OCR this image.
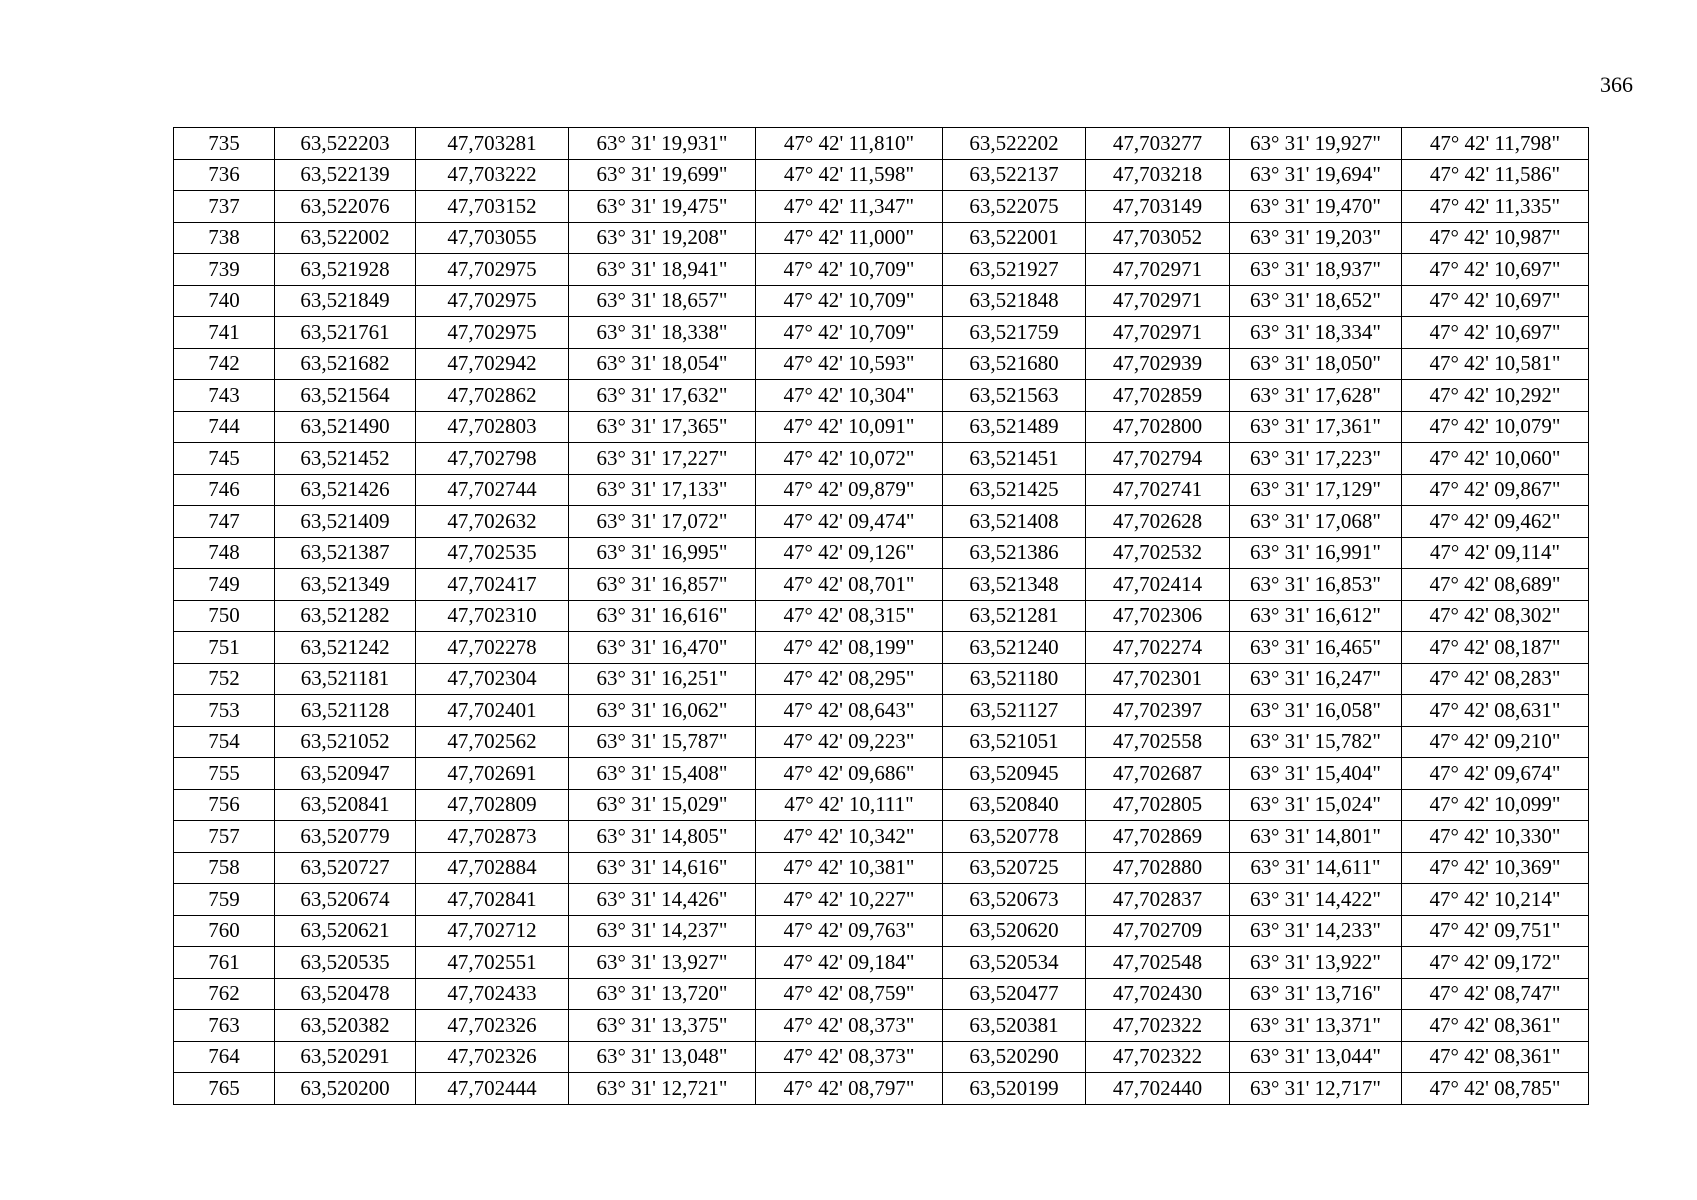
366
735	63,522203	47,703281	63° 31' 19,931"	47° 42' 11,810"	63,522202	47,703277	63° 31' 19,927"	47° 42' 11,798"
736	63,522139	47,703222	63° 31' 19,699"	47° 42' 11,598"	63,522137	47,703218	63° 31' 19,694"	47° 42' 11,586"
737	63,522076	47,703152	63° 31' 19,475"	47° 42' 11,347"	63,522075	47,703149	63° 31' 19,470"	47° 42' 11,335"
738	63,522002	47,703055	63° 31' 19,208"	47° 42' 11,000"	63,522001	47,703052	63° 31' 19,203"	47° 42' 10,987"
739	63,521928	47,702975	63° 31' 18,941"	47° 42' 10,709"	63,521927	47,702971	63° 31' 18,937"	47° 42' 10,697"
740	63,521849	47,702975	63° 31' 18,657"	47° 42' 10,709"	63,521848	47,702971	63° 31' 18,652"	47° 42' 10,697"
741	63,521761	47,702975	63° 31' 18,338"	47° 42' 10,709"	63,521759	47,702971	63° 31' 18,334"	47° 42' 10,697"
742	63,521682	47,702942	63° 31' 18,054"	47° 42' 10,593"	63,521680	47,702939	63° 31' 18,050"	47° 42' 10,581"
743	63,521564	47,702862	63° 31' 17,632"	47° 42' 10,304"	63,521563	47,702859	63° 31' 17,628"	47° 42' 10,292"
744	63,521490	47,702803	63° 31' 17,365"	47° 42' 10,091"	63,521489	47,702800	63° 31' 17,361"	47° 42' 10,079"
745	63,521452	47,702798	63° 31' 17,227"	47° 42' 10,072"	63,521451	47,702794	63° 31' 17,223"	47° 42' 10,060"
746	63,521426	47,702744	63° 31' 17,133"	47° 42' 09,879"	63,521425	47,702741	63° 31' 17,129"	47° 42' 09,867"
747	63,521409	47,702632	63° 31' 17,072"	47° 42' 09,474"	63,521408	47,702628	63° 31' 17,068"	47° 42' 09,462"
748	63,521387	47,702535	63° 31' 16,995"	47° 42' 09,126"	63,521386	47,702532	63° 31' 16,991"	47° 42' 09,114"
749	63,521349	47,702417	63° 31' 16,857"	47° 42' 08,701"	63,521348	47,702414	63° 31' 16,853"	47° 42' 08,689"
750	63,521282	47,702310	63° 31' 16,616"	47° 42' 08,315"	63,521281	47,702306	63° 31' 16,612"	47° 42' 08,302"
751	63,521242	47,702278	63° 31' 16,470"	47° 42' 08,199"	63,521240	47,702274	63° 31' 16,465"	47° 42' 08,187"
752	63,521181	47,702304	63° 31' 16,251"	47° 42' 08,295"	63,521180	47,702301	63° 31' 16,247"	47° 42' 08,283"
753	63,521128	47,702401	63° 31' 16,062"	47° 42' 08,643"	63,521127	47,702397	63° 31' 16,058"	47° 42' 08,631"
754	63,521052	47,702562	63° 31' 15,787"	47° 42' 09,223"	63,521051	47,702558	63° 31' 15,782"	47° 42' 09,210"
755	63,520947	47,702691	63° 31' 15,408"	47° 42' 09,686"	63,520945	47,702687	63° 31' 15,404"	47° 42' 09,674"
756	63,520841	47,702809	63° 31' 15,029"	47° 42' 10,111"	63,520840	47,702805	63° 31' 15,024"	47° 42' 10,099"
757	63,520779	47,702873	63° 31' 14,805"	47° 42' 10,342"	63,520778	47,702869	63° 31' 14,801"	47° 42' 10,330"
758	63,520727	47,702884	63° 31' 14,616"	47° 42' 10,381"	63,520725	47,702880	63° 31' 14,611"	47° 42' 10,369"
759	63,520674	47,702841	63° 31' 14,426"	47° 42' 10,227"	63,520673	47,702837	63° 31' 14,422"	47° 42' 10,214"
760	63,520621	47,702712	63° 31' 14,237"	47° 42' 09,763"	63,520620	47,702709	63° 31' 14,233"	47° 42' 09,751"
761	63,520535	47,702551	63° 31' 13,927"	47° 42' 09,184"	63,520534	47,702548	63° 31' 13,922"	47° 42' 09,172"
762	63,520478	47,702433	63° 31' 13,720"	47° 42' 08,759"	63,520477	47,702430	63° 31' 13,716"	47° 42' 08,747"
763	63,520382	47,702326	63° 31' 13,375"	47° 42' 08,373"	63,520381	47,702322	63° 31' 13,371"	47° 42' 08,361"
764	63,520291	47,702326	63° 31' 13,048"	47° 42' 08,373"	63,520290	47,702322	63° 31' 13,044"	47° 42' 08,361"
765	63,520200	47,702444	63° 31' 12,721"	47° 42' 08,797"	63,520199	47,702440	63° 31' 12,717"	47° 42' 08,785"
